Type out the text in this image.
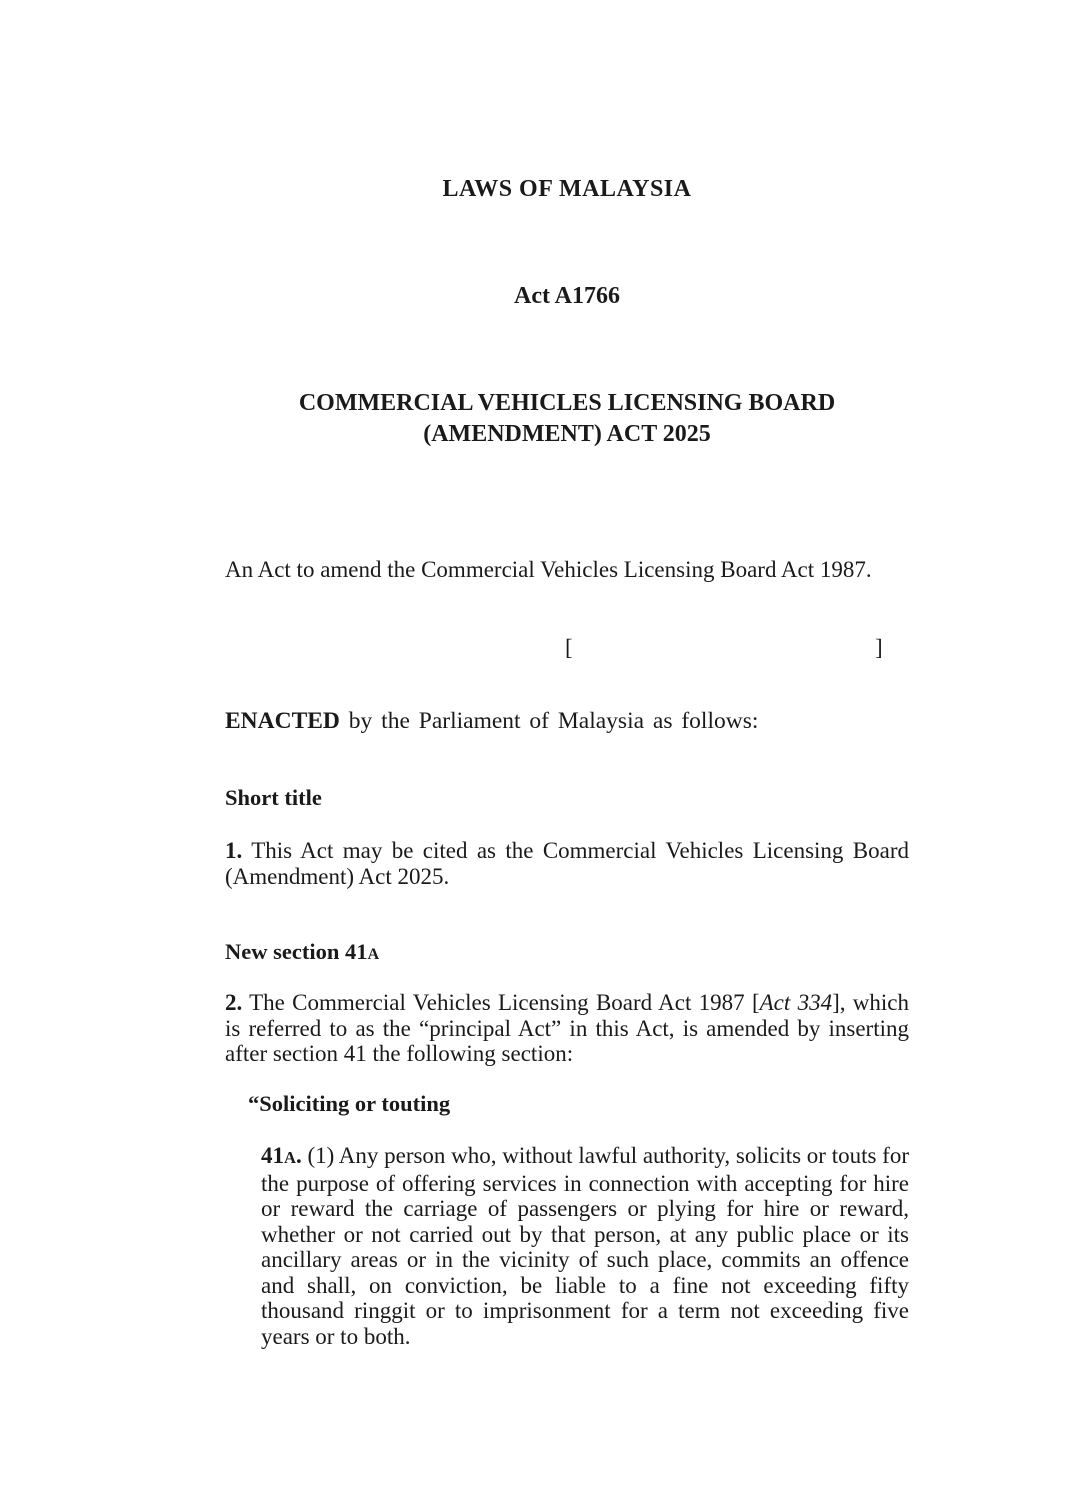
LAWS OF MALAYSIA
Act A1766
COMMERCIAL VEHICLES LICENSING BOARD
(AMENDMENT) ACT 2025
An Act to amend the Commercial Vehicles Licensing Board Act 1987.
[	]
ENACTED by the Parliament of Malaysia as follows:
Short title
1. This Act may be cited as the Commercial Vehicles Licensing Board (Amendment) Act 2025.
New section 41A
2. The Commercial Vehicles Licensing Board Act 1987 [Act 334], which is referred to as the “principal Act” in this Act, is amended by inserting after section 41 the following section:
“Soliciting or touting
41A. (1) Any person who, without lawful authority, solicits or touts for the purpose of offering services in connection with accepting for hire or reward the carriage of passengers or plying for hire or reward, whether or not carried out by that person, at any public place or its ancillary areas or in the vicinity of such place, commits an offence and shall, on conviction, be liable to a fine not exceeding fifty thousand ringgit or to imprisonment for a term not exceeding five years or to both.
